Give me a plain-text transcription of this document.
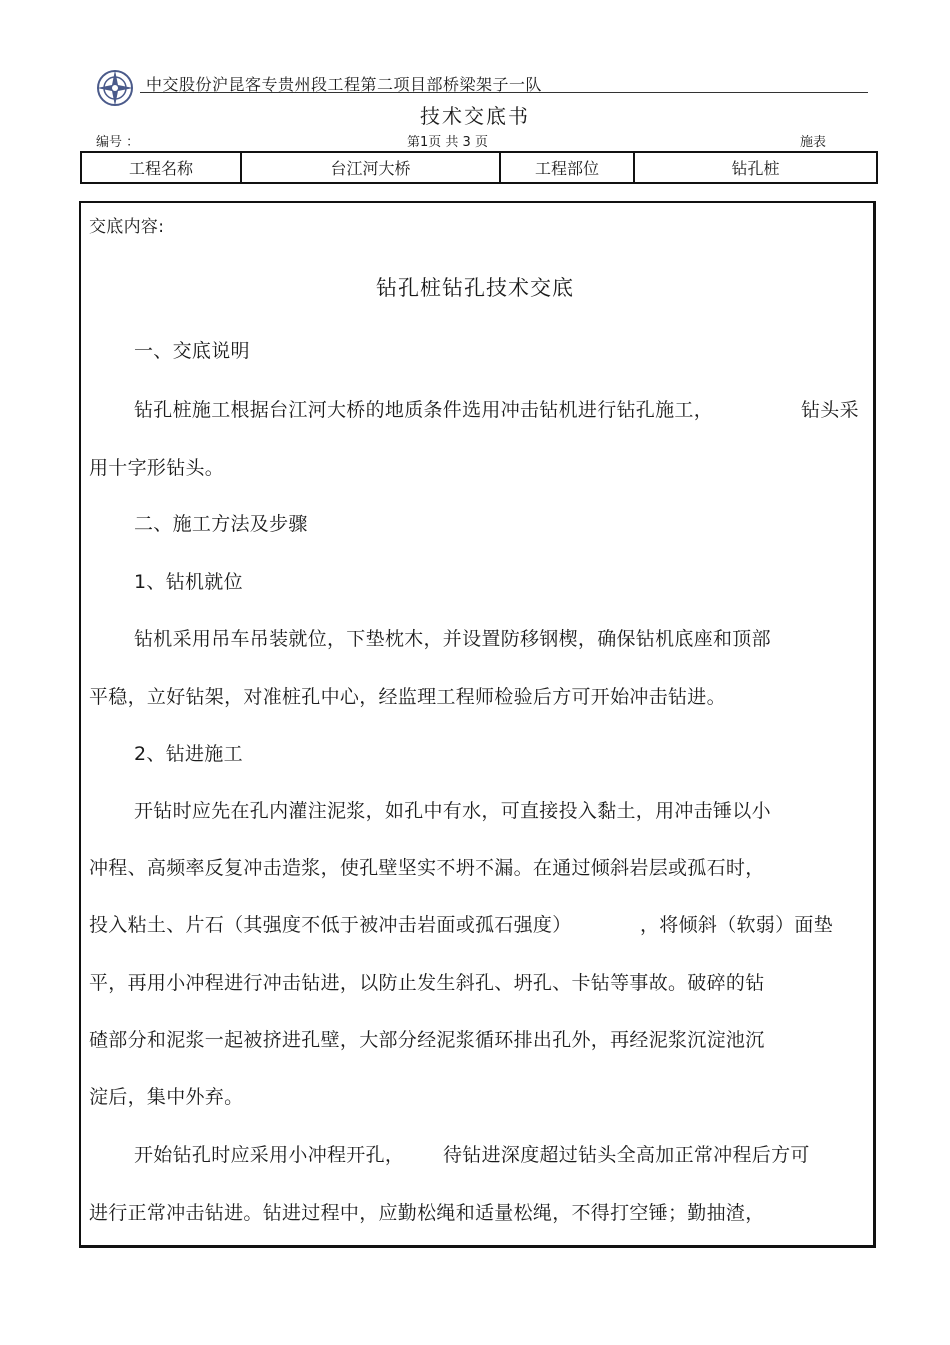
中交股份沪昆客专贵州段工程第二项目部桥梁架子一队
技术交底书
编号 ：	第1页 共 3 页	施表
工程名称	台江河大桥	工程部位	钻孔桩
交底内容:
钻孔桩钻孔技术交底
一、交底说明
钻孔桩施工根据台江河大桥的地质条件选用冲击钻机进行钻孔施工，	钻头采
用十字形钻头。
二、施工方法及步骤
1、钻机就位
钻机采用吊车吊装就位，下垫枕木，并设置防移钢楔，确保钻机底座和顶部
平稳，立好钻架，对准桩孔中心，经监理工程师检验后方可开始冲击钻进。
2、钻进施工
开钻时应先在孔内灌注泥浆，如孔中有水，可直接投入黏土，用冲击锤以小
冲程、高频率反复冲击造浆，使孔壁坚实不坍不漏。在通过倾斜岩层或孤石时，
投入粘土、片石（其强度不低于被冲击岩面或孤石强度）	，将倾斜（软弱）面垫
平，再用小冲程进行冲击钻进，以防止发生斜孔、坍孔、卡钻等事故。破碎的钻
碴部分和泥浆一起被挤进孔壁，大部分经泥浆循环排出孔外，再经泥浆沉淀池沉
淀后，集中外弃。
开始钻孔时应采用小冲程开孔， 待钻进深度超过钻头全高加正常冲程后方可
进行正常冲击钻进。钻进过程中，应勤松绳和适量松绳，不得打空锤；勤抽渣，
